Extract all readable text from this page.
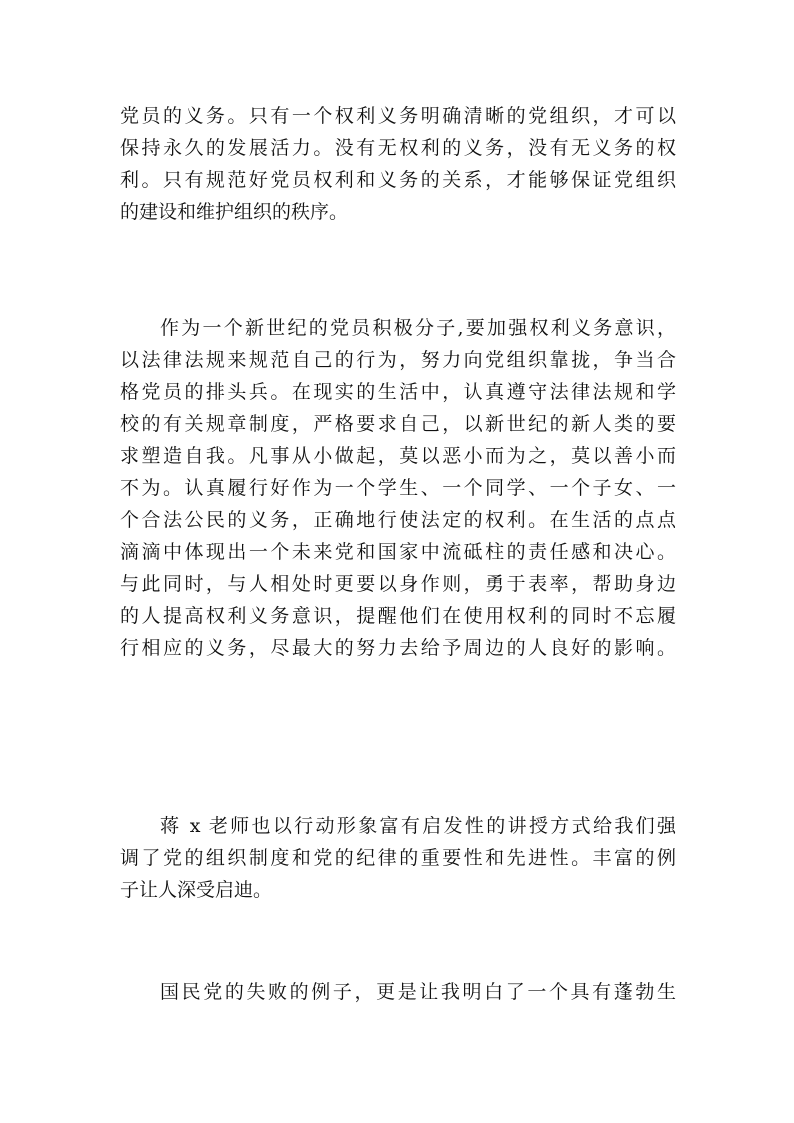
党员的义务。只有一个权利义务明确清晰的党组织，才可以
保持永久的发展活力。没有无权利的义务，没有无义务的权
利。只有规范好党员权利和义务的关系，才能够保证党组织
的建设和维护组织的秩序。
作为一个新世纪的党员积极分子,要加强权利义务意识，
以法律法规来规范自己的行为，努力向党组织靠拢，争当合
格党员的排头兵。在现实的生活中，认真遵守法律法规和学
校的有关规章制度，严格要求自己，以新世纪的新人类的要
求塑造自我。凡事从小做起，莫以恶小而为之，莫以善小而
不为。认真履行好作为一个学生、一个同学、一个子女、一
个合法公民的义务，正确地行使法定的权利。在生活的点点
滴滴中体现出一个未来党和国家中流砥柱的责任感和决心。
与此同时，与人相处时更要以身作则，勇于表率，帮助身边
的人提高权利义务意识，提醒他们在使用权利的同时不忘履
行相应的义务，尽最大的努力去给予周边的人良好的影响。
蒋 x 老师也以行动形象富有启发性的讲授方式给我们强
调了党的组织制度和党的纪律的重要性和先进性。丰富的例
子让人深受启迪。
国民党的失败的例子，更是让我明白了一个具有蓬勃生
